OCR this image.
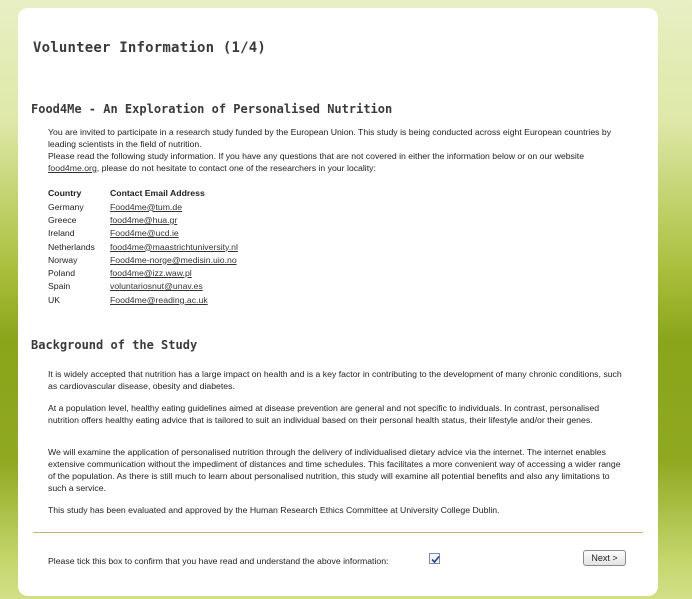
Volunteer Information (1/4)
Food4Me - An Exploration of Personalised Nutrition

You are invited to participate in a research study funded by the European Union. This study is being conducted across eight European countries by leading scientists in the field of nutrition.

Please read the following study information. If you have any questions that are not covered in either the information below or on our website food4me.org, please do not hesitate to contact one of the researchers in your locality:

Country	Contact Email Address
Germany	Food4me@tum.de
Greece	food4me@hua.gr
Ireland	Food4me@ucd.ie
Netherlands	food4me@maastrichtuniversity.nl
Norway	Food4me-norge@medisin.uio.no
Poland	food4me@izz.waw.pl
Spain	voluntariosnut@unav.es
UK	Food4me@reading.ac.uk
Background of the Study

It is widely accepted that nutrition has a large impact on health and is a key factor in contributing to the development of many chronic conditions, such as cardiovascular disease, obesity and diabetes.

At a population level, healthy eating guidelines aimed at disease prevention are general and not specific to individuals. In contrast, personalised nutrition offers healthy eating advice that is tailored to suit an individual based on their personal health status, their lifestyle and/or their genes.

We will examine the application of personalised nutrition through the delivery of individualised dietary advice via the internet. The internet enables extensive communication without the impediment of distances and time schedules. This facilitates a more convenient way of accessing a wider range of the population. As there is still much to learn about personalised nutrition, this study will examine all potential benefits and also any limitations to such a service.

This study has been evaluated and approved by the Human Research Ethics Committee at University College Dublin.

Please tick this box to confirm that you have read and understand the above information:	Next >
